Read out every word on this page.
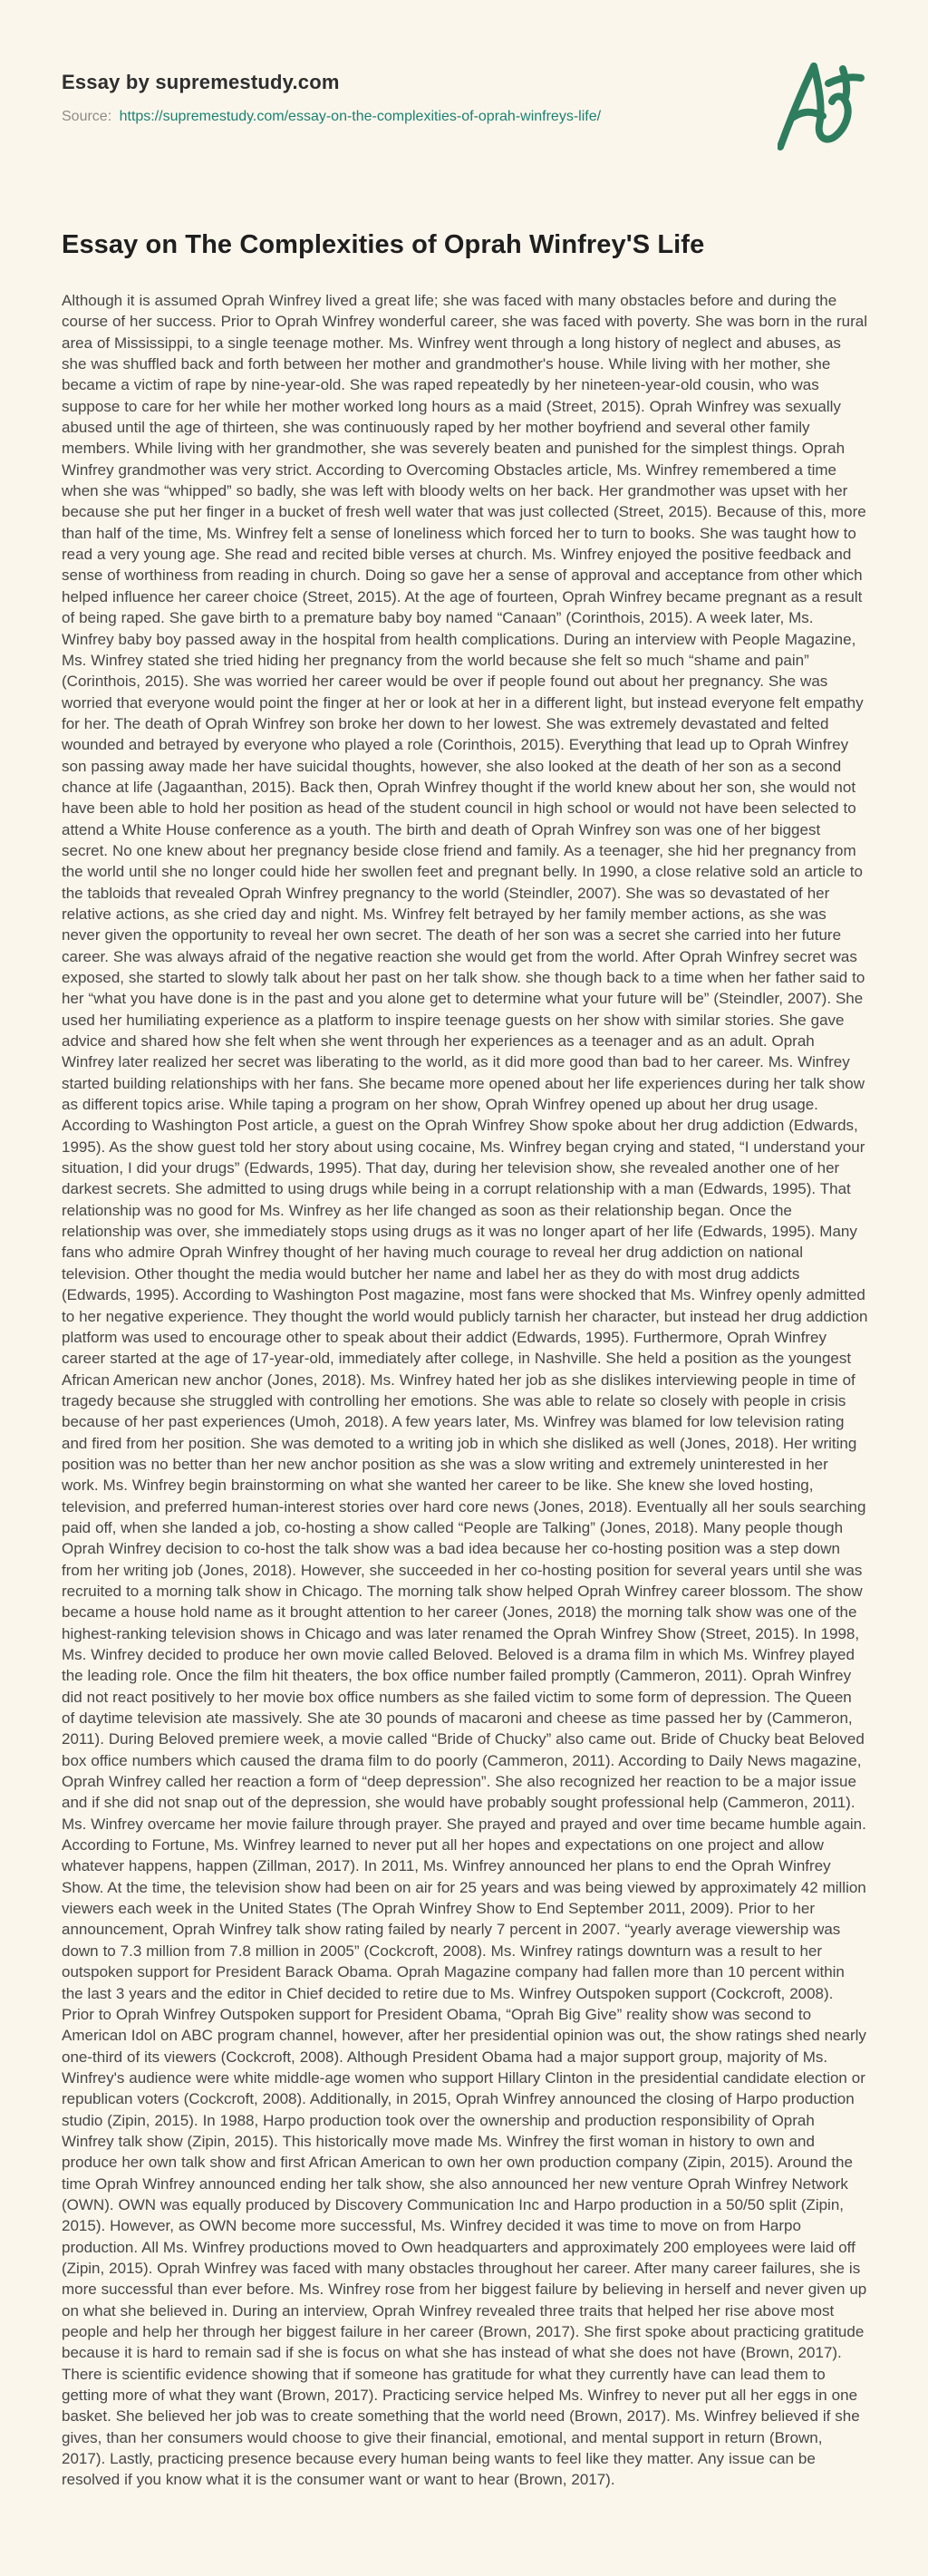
Essay by supremestudy.com

Source: https://supremestudy.com/essay-on-the-complexities-of-oprah-winfreys-life/
Essay on The Complexities of Oprah Winfrey'S Life

Although it is assumed Oprah Winfrey lived a great life; she was faced with many obstacles before and during the course of her success. Prior to Oprah Winfrey wonderful career, she was faced with poverty. She was born in the rural area of Mississippi, to a single teenage mother. Ms. Winfrey went through a long history of neglect and abuses, as she was shuffled back and forth between her mother and grandmother's house. While living with her mother, she became a victim of rape by nine-year-old. She was raped repeatedly by her nineteen-year-old cousin, who was suppose to care for her while her mother worked long hours as a maid (Street, 2015). Oprah Winfrey was sexually abused until the age of thirteen, she was continuously raped by her mother boyfriend and several other family members. While living with her grandmother, she was severely beaten and punished for the simplest things. Oprah Winfrey grandmother was very strict. According to Overcoming Obstacles article, Ms. Winfrey remembered a time when she was “whipped” so badly, she was left with bloody welts on her back. Her grandmother was upset with her because she put her finger in a bucket of fresh well water that was just collected (Street, 2015). Because of this, more than half of the time, Ms. Winfrey felt a sense of loneliness which forced her to turn to books. She was taught how to read a very young age. She read and recited bible verses at church. Ms. Winfrey enjoyed the positive feedback and sense of worthiness from reading in church. Doing so gave her a sense of approval and acceptance from other which helped influence her career choice (Street, 2015). At the age of fourteen, Oprah Winfrey became pregnant as a result of being raped. She gave birth to a premature baby boy named “Canaan” (Corinthois, 2015). A week later, Ms. Winfrey baby boy passed away in the hospital from health complications. During an interview with People Magazine, Ms. Winfrey stated she tried hiding her pregnancy from the world because she felt so much “shame and pain” (Corinthois, 2015). She was worried her career would be over if people found out about her pregnancy. She was worried that everyone would point the finger at her or look at her in a different light, but instead everyone felt empathy for her. The death of Oprah Winfrey son broke her down to her lowest. She was extremely devastated and felted wounded and betrayed by everyone who played a role (Corinthois, 2015). Everything that lead up to Oprah Winfrey son passing away made her have suicidal thoughts, however, she also looked at the death of her son as a second chance at life (Jagaanthan, 2015). Back then, Oprah Winfrey thought if the world knew about her son, she would not have been able to hold her position as head of the student council in high school or would not have been selected to attend a White House conference as a youth. The birth and death of Oprah Winfrey son was one of her biggest secret. No one knew about her pregnancy beside close friend and family. As a teenager, she hid her pregnancy from the world until she no longer could hide her swollen feet and pregnant belly. In 1990, a close relative sold an article to the tabloids that revealed Oprah Winfrey pregnancy to the world (Steindler, 2007). She was so devastated of her relative actions, as she cried day and night. Ms. Winfrey felt betrayed by her family member actions, as she was never given the opportunity to reveal her own secret. The death of her son was a secret she carried into her future career. She was always afraid of the negative reaction she would get from the world. After Oprah Winfrey secret was exposed, she started to slowly talk about her past on her talk show. she though back to a time when her father said to her “what you have done is in the past and you alone get to determine what your future will be” (Steindler, 2007). She used her humiliating experience as a platform to inspire teenage guests on her show with similar stories. She gave advice and shared how she felt when she went through her experiences as a teenager and as an adult. Oprah Winfrey later realized her secret was liberating to the world, as it did more good than bad to her career. Ms. Winfrey started building relationships with her fans. She became more opened about her life experiences during her talk show as different topics arise. While taping a program on her show, Oprah Winfrey opened up about her drug usage. According to Washington Post article, a guest on the Oprah Winfrey Show spoke about her drug addiction (Edwards, 1995). As the show guest told her story about using cocaine, Ms. Winfrey began crying and stated, “I understand your situation, I did your drugs” (Edwards, 1995). That day, during her television show, she revealed another one of her darkest secrets. She admitted to using drugs while being in a corrupt relationship with a man (Edwards, 1995). That relationship was no good for Ms. Winfrey as her life changed as soon as their relationship began. Once the relationship was over, she immediately stops using drugs as it was no longer apart of her life (Edwards, 1995). Many fans who admire Oprah Winfrey thought of her having much courage to reveal her drug addiction on national television. Other thought the media would butcher her name and label her as they do with most drug addicts (Edwards, 1995). According to Washington Post magazine, most fans were shocked that Ms. Winfrey openly admitted to her negative experience. They thought the world would publicly tarnish her character, but instead her drug addiction platform was used to encourage other to speak about their addict (Edwards, 1995). Furthermore, Oprah Winfrey career started at the age of 17-year-old, immediately after college, in Nashville. She held a position as the youngest African American new anchor (Jones, 2018). Ms. Winfrey hated her job as she dislikes interviewing people in time of tragedy because she struggled with controlling her emotions. She was able to relate so closely with people in crisis because of her past experiences (Umoh, 2018). A few years later, Ms. Winfrey was blamed for low television rating and fired from her position. She was demoted to a writing job in which she disliked as well (Jones, 2018). Her writing position was no better than her new anchor position as she was a slow writing and extremely uninterested in her work. Ms. Winfrey begin brainstorming on what she wanted her career to be like. She knew she loved hosting, television, and preferred human-interest stories over hard core news (Jones, 2018). Eventually all her souls searching paid off, when she landed a job, co-hosting a show called “People are Talking” (Jones, 2018). Many people though Oprah Winfrey decision to co-host the talk show was a bad idea because her co-hosting position was a step down from her writing job (Jones, 2018). However, she succeeded in her co-hosting position for several years until she was recruited to a morning talk show in Chicago. The morning talk show helped Oprah Winfrey career blossom. The show became a house hold name as it brought attention to her career (Jones, 2018) the morning talk show was one of the highest-ranking television shows in Chicago and was later renamed the Oprah Winfrey Show (Street, 2015). In 1998, Ms. Winfrey decided to produce her own movie called Beloved. Beloved is a drama film in which Ms. Winfrey played the leading role. Once the film hit theaters, the box office number failed promptly (Cammeron, 2011). Oprah Winfrey did not react positively to her movie box office numbers as she failed victim to some form of depression. The Queen of daytime television ate massively. She ate 30 pounds of macaroni and cheese as time passed her by (Cammeron, 2011). During Beloved premiere week, a movie called “Bride of Chucky” also came out. Bride of Chucky beat Beloved box office numbers which caused the drama film to do poorly (Cammeron, 2011). According to Daily News magazine, Oprah Winfrey called her reaction a form of “deep depression”. She also recognized her reaction to be a major issue and if she did not snap out of the depression, she would have probably sought professional help (Cammeron, 2011). Ms. Winfrey overcame her movie failure through prayer. She prayed and prayed and over time became humble again. According to Fortune, Ms. Winfrey learned to never put all her hopes and expectations on one project and allow whatever happens, happen (Zillman, 2017). In 2011, Ms. Winfrey announced her plans to end the Oprah Winfrey Show. At the time, the television show had been on air for 25 years and was being viewed by approximately 42 million viewers each week in the United States (The Oprah Winfrey Show to End September 2011, 2009). Prior to her announcement, Oprah Winfrey talk show rating failed by nearly 7 percent in 2007. “yearly average viewership was down to 7.3 million from 7.8 million in 2005” (Cockcroft, 2008). Ms. Winfrey ratings downturn was a result to her outspoken support for President Barack Obama. Oprah Magazine company had fallen more than 10 percent within the last 3 years and the editor in Chief decided to retire due to Ms. Winfrey Outspoken support (Cockcroft, 2008). Prior to Oprah Winfrey Outspoken support for President Obama, “Oprah Big Give” reality show was second to American Idol on ABC program channel, however, after her presidential opinion was out, the show ratings shed nearly one-third of its viewers (Cockcroft, 2008). Although President Obama had a major support group, majority of Ms. Winfrey's audience were white middle-age women who support Hillary Clinton in the presidential candidate election or republican voters (Cockcroft, 2008). Additionally, in 2015, Oprah Winfrey announced the closing of Harpo production studio (Zipin, 2015). In 1988, Harpo production took over the ownership and production responsibility of Oprah Winfrey talk show (Zipin, 2015). This historically move made Ms. Winfrey the first woman in history to own and produce her own talk show and first African American to own her own production company (Zipin, 2015). Around the time Oprah Winfrey announced ending her talk show, she also announced her new venture Oprah Winfrey Network (OWN). OWN was equally produced by Discovery Communication Inc and Harpo production in a 50/50 split (Zipin, 2015). However, as OWN become more successful, Ms. Winfrey decided it was time to move on from Harpo production. All Ms. Winfrey productions moved to Own headquarters and approximately 200 employees were laid off (Zipin, 2015). Oprah Winfrey was faced with many obstacles throughout her career. After many career failures, she is more successful than ever before. Ms. Winfrey rose from her biggest failure by believing in herself and never given up on what she believed in. During an interview, Oprah Winfrey revealed three traits that helped her rise above most people and help her through her biggest failure in her career (Brown, 2017). She first spoke about practicing gratitude because it is hard to remain sad if she is focus on what she has instead of what she does not have (Brown, 2017). There is scientific evidence showing that if someone has gratitude for what they currently have can lead them to getting more of what they want (Brown, 2017). Practicing service helped Ms. Winfrey to never put all her eggs in one basket. She believed her job was to create something that the world need (Brown, 2017). Ms. Winfrey believed if she gives, than her consumers would choose to give their financial, emotional, and mental support in return (Brown, 2017). Lastly, practicing presence because every human being wants to feel like they matter. Any issue can be resolved if you know what it is the consumer want or want to hear (Brown, 2017).
